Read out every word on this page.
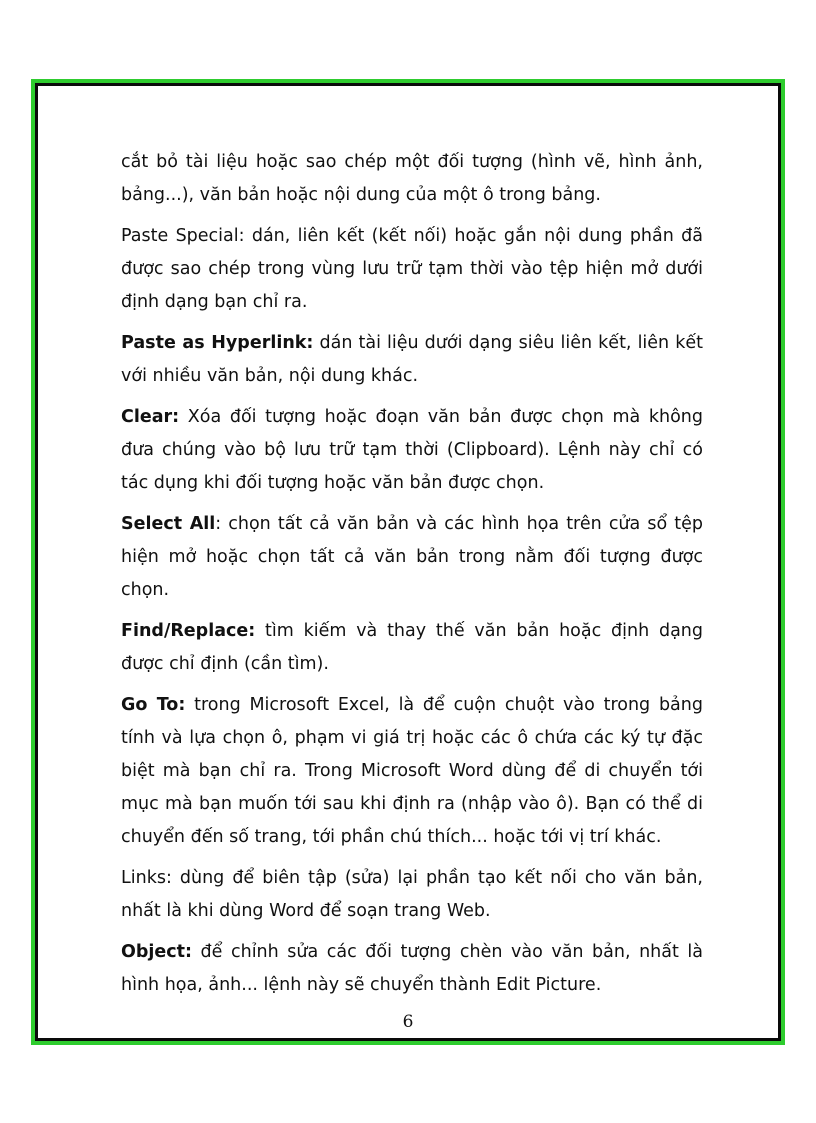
cắt bỏ tài liệu hoặc sao chép một đối tượng (hình vẽ, hình ảnh, bảng...), văn bản hoặc nội dung của một ô trong bảng.

Paste Special: dán, liên kết (kết nối) hoặc gắn nội dung phần đã được sao chép trong vùng lưu trữ tạm thời vào tệp hiện mở dưới định dạng bạn chỉ ra.

Paste as Hyperlink: dán tài liệu dưới dạng siêu liên kết, liên kết với nhiều văn bản, nội dung khác.

Clear: Xóa đối tượng hoặc đoạn văn bản được chọn mà không đưa chúng vào bộ lưu trữ tạm thời (Clipboard). Lệnh này chỉ có tác dụng khi đối tượng hoặc văn bản được chọn.

Select All: chọn tất cả văn bản và các hình họa trên cửa sổ tệp hiện mở hoặc chọn tất cả văn bản trong nằm đối tượng được chọn.

Find/Replace: tìm kiếm và thay thế văn bản hoặc định dạng được chỉ định (cần tìm).

Go To: trong Microsoft Excel, là để cuộn chuột vào trong bảng tính và lựa chọn ô, phạm vi giá trị hoặc các ô chứa các ký tự đặc biệt mà bạn chỉ ra. Trong Microsoft Word dùng để di chuyển tới mục mà bạn muốn tới sau khi định ra (nhập vào ô). Bạn có thể di chuyển đến số trang, tới phần chú thích... hoặc tới vị trí khác.

Links: dùng để biên tập (sửa) lại phần tạo kết nối cho văn bản, nhất là khi dùng Word để soạn trang Web.

Object: để chỉnh sửa các đối tượng chèn vào văn bản, nhất là hình họa, ảnh... lệnh này sẽ chuyển thành Edit Picture.

6
